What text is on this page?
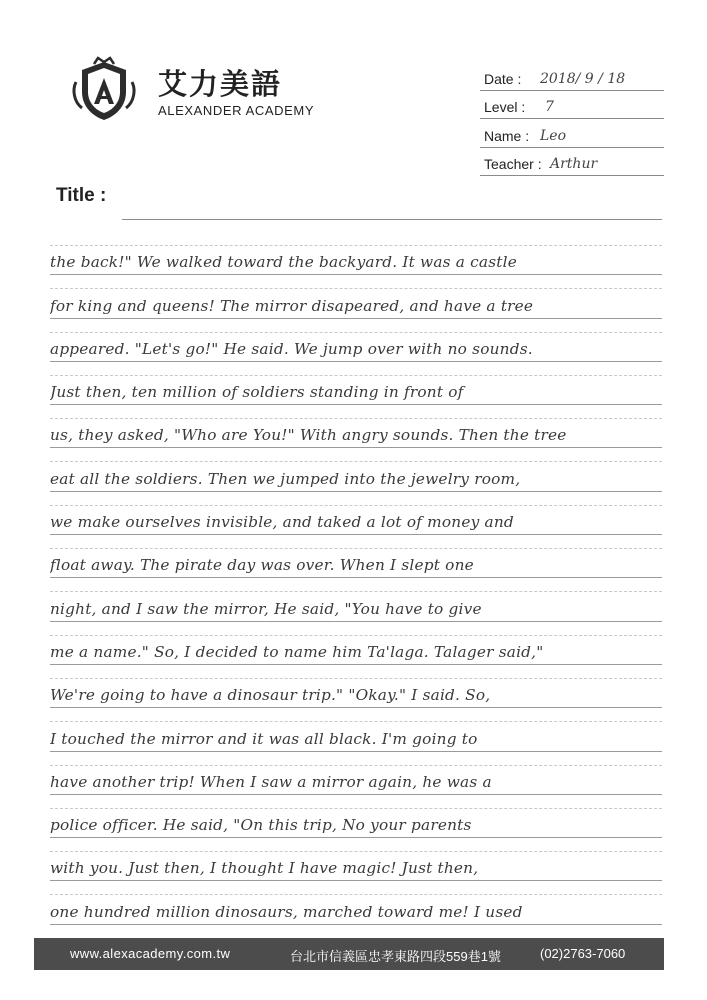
艾力美語
ALEXANDER ACADEMY
Date : 2018/ 9 / 18
Level : 7
Name : Leo
Teacher : Arthur
Title :
the back!" We walked toward the backyard. It was a castle
for king and queens! The mirror disapeared, and have a tree
appeared. "Let's go!" He said. We jump over with no sounds.
Just then, ten million of soldiers standing in front of
us, they asked, "Who are You!" With angry sounds. Then the tree
eat all the soldiers. Then we jumped into the jewelry room,
we make ourselves invisible, and taked a lot of money and
float away. The pirate day was over. When I slept one
night, and I saw the mirror, He said, "You have to give
me a name." So, I decided to name him Ta'laga. Talager said,"
We're going to have a dinosaur trip." "Okay." I said. So,
I touched the mirror and it was all black. I'm going to
have another trip! When I saw a mirror again, he was a
police officer. He said, "On this trip, No your parents
with you. Just then, I thought I have magic! Just then,
one hundred million dinosaurs, marched toward me! I used
www.alexacademy.com.tw	台北市信義區忠孝東路四段559巷1號	(02)2763-7060
